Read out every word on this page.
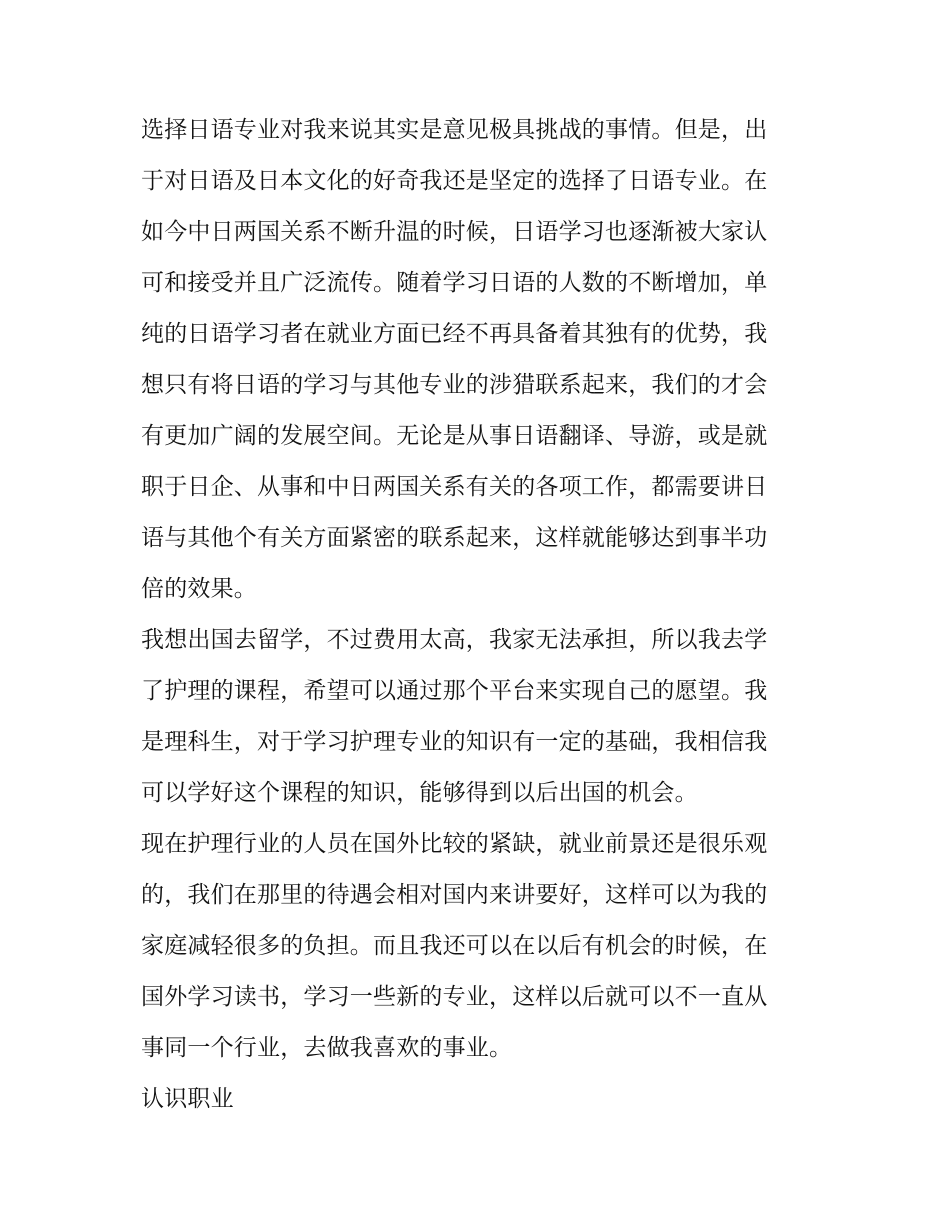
选择日语专业对我来说其实是意见极具挑战的事情。但是，出
于对日语及日本文化的好奇我还是坚定的选择了日语专业。在
如今中日两国关系不断升温的时候，日语学习也逐渐被大家认
可和接受并且广泛流传。随着学习日语的人数的不断增加，单
纯的日语学习者在就业方面已经不再具备着其独有的优势，我
想只有将日语的学习与其他专业的涉猎联系起来，我们的才会
有更加广阔的发展空间。无论是从事日语翻译、导游，或是就
职于日企、从事和中日两国关系有关的各项工作，都需要讲日
语与其他个有关方面紧密的联系起来，这样就能够达到事半功
倍的效果。
我想出国去留学，不过费用太高，我家无法承担，所以我去学
了护理的课程，希望可以通过那个平台来实现自己的愿望。我
是理科生，对于学习护理专业的知识有一定的基础，我相信我
可以学好这个课程的知识，能够得到以后出国的机会。
现在护理行业的人员在国外比较的紧缺，就业前景还是很乐观
的，我们在那里的待遇会相对国内来讲要好，这样可以为我的
家庭减轻很多的负担。而且我还可以在以后有机会的时候，在
国外学习读书，学习一些新的专业，这样以后就可以不一直从
事同一个行业，去做我喜欢的事业。
认识职业
